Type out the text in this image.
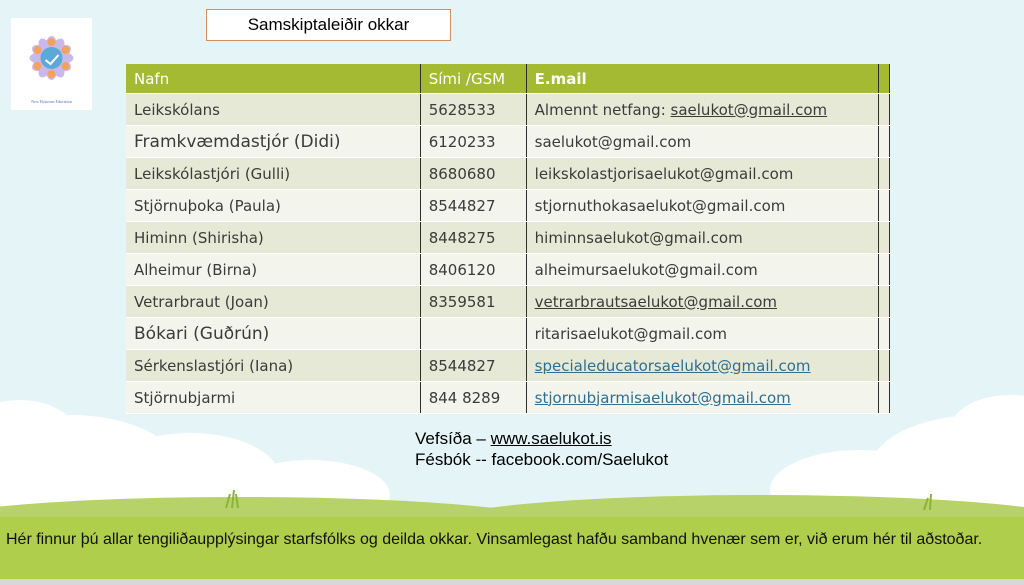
New Horizons Education
Samskiptaleiðir okkar
Nafn	Sími /GSM	E.mail	
Leikskólans	5628533	Almennt netfang: saelukot@gmail.com	
Framkvæmdastjór (Didi)	6120233	saelukot@gmail.com	
Leikskólastjóri (Gulli)	8680680	leikskolastjorisaelukot@gmail.com	
Stjörnuþoka (Paula)	8544827	stjornuthokasaelukot@gmail.com	
Himinn (Shirisha)	8448275	himinnsaelukot@gmail.com	
Alheimur (Birna)	8406120	alheimursaelukot@gmail.com	
Vetrarbraut (Joan)	8359581	vetrarbrautsaelukot@gmail.com	
Bókari (Guðrún)		ritarisaelukot@gmail.com	
Sérkenslastjóri (Iana)	8544827	specialeducatorsaelukot@gmail.com	
Stjörnubjarmi	844 8289	stjornubjarmisaelukot@gmail.com	
Vefsíða – www.saelukot.is
Fésbók -- facebook.com/Saelukot
Hér finnur þú allar tengiliðaupplýsingar starfsfólks og deilda okkar. Vinsamlegast hafðu samband hvenær sem er, við erum hér til aðstoðar.
